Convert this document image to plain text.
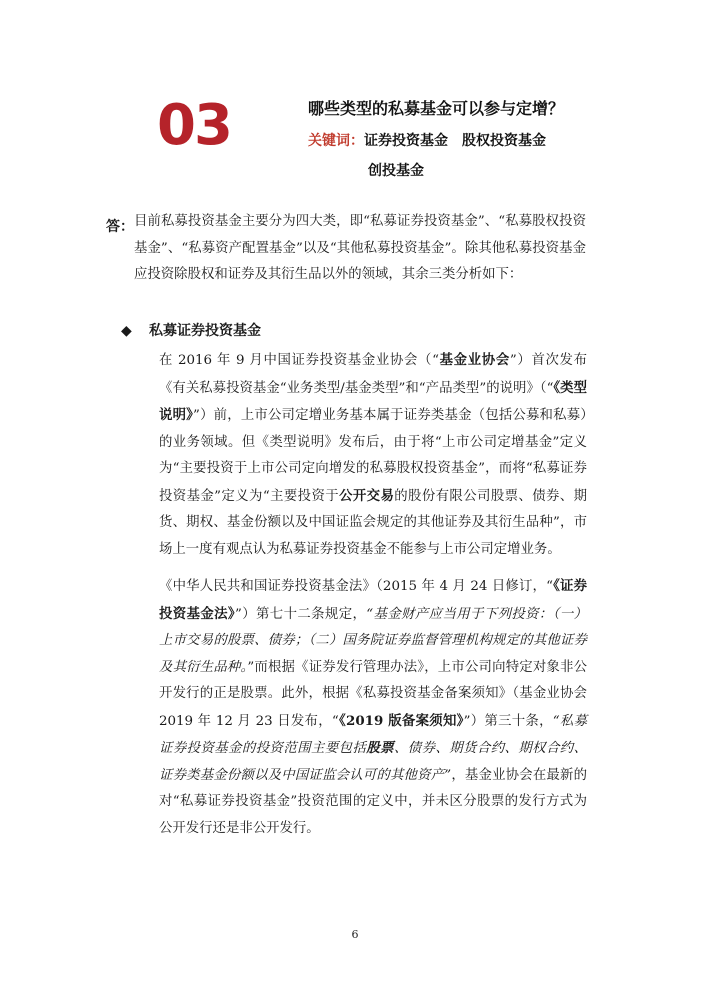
03	哪些类型的私募基金可以参与定增？
关键词：证券投资基金 股权投资基金
创投基金
答： 目前私募投资基金主要分为四大类，即“私募证券投资基金”、“私募股权投资基金”、“私募资产配置基金”以及“其他私募投资基金”。除其他私募投资基金应投资除股权和证券及其衍生品以外的领域，其余三类分析如下：
◆ 私募证券投资基金
在 2016 年 9 月中国证券投资基金业协会（“基金业协会”）首次发布《有关私募投资基金“业务类型/基金类型”和“产品类型”的说明》（“《类型说明》”）前，上市公司定增业务基本属于证券类基金（包括公募和私募）的业务领域。但《类型说明》发布后，由于将“上市公司定增基金”定义为“主要投资于上市公司定向增发的私募股权投资基金”，而将“私募证券投资基金”定义为“主要投资于公开交易的股份有限公司股票、债券、期货、期权、基金份额以及中国证监会规定的其他证券及其衍生品种”，市场上一度有观点认为私募证券投资基金不能参与上市公司定增业务。
《中华人民共和国证券投资基金法》（2015 年 4 月 24 日修订，“《证券投资基金法》”）第七十二条规定，“基金财产应当用于下列投资：（一）上市交易的股票、债券；（二）国务院证券监督管理机构规定的其他证券及其衍生品种。”而根据《证券发行管理办法》，上市公司向特定对象非公开发行的正是股票。此外，根据《私募投资基金备案须知》（基金业协会 2019 年 12 月 23 日发布，“《2019 版备案须知》”）第三十条，“私募证券投资基金的投资范围主要包括股票、债券、期货合约、期权合约、证券类基金份额以及中国证监会认可的其他资产”，基金业协会在最新的对“私募证券投资基金”投资范围的定义中，并未区分股票的发行方式为公开发行还是非公开发行。
6
